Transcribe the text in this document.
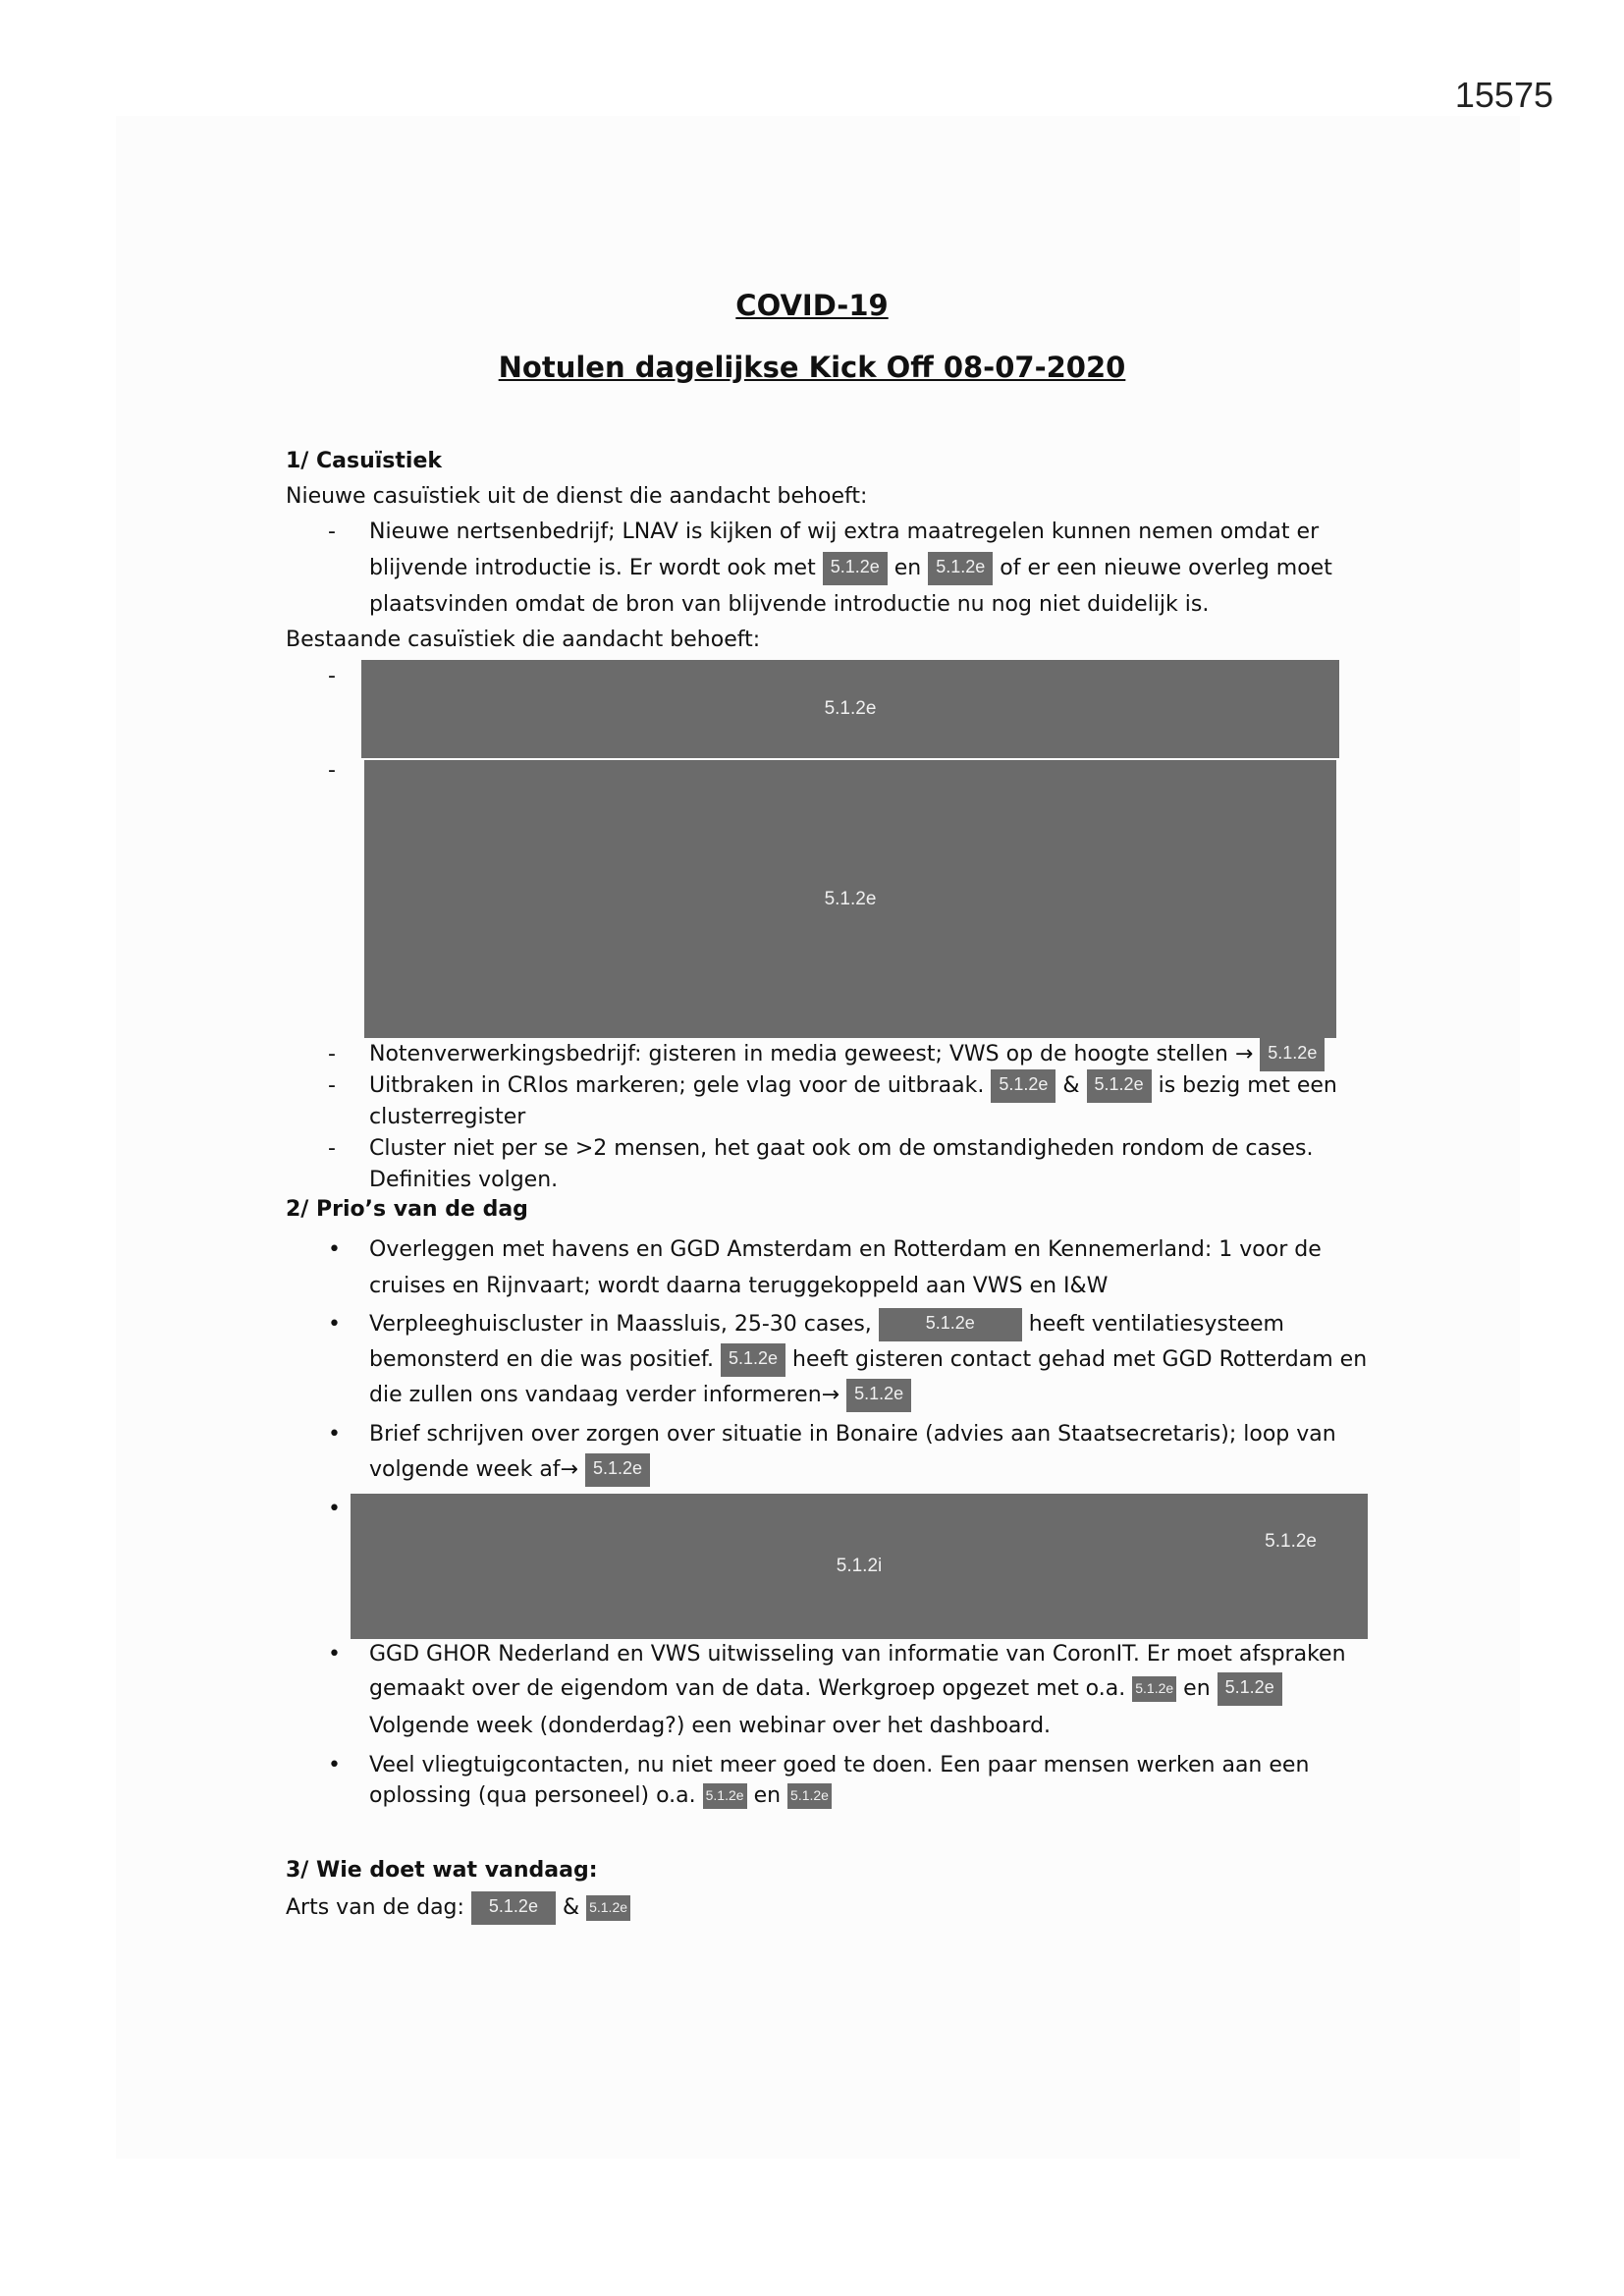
15575
COVID-19
Notulen dagelijkse Kick Off 08-07-2020
1/ Casuïstiek
Nieuwe casuïstiek uit de dienst die aandacht behoeft:
- Nieuwe nertsenbedrijf; LNAV is kijken of wij extra maatregelen kunnen nemen omdat er
blijvende introductie is. Er wordt ook met 5.1.2e en 5.1.2e of er een nieuwe overleg moet
plaatsvinden omdat de bron van blijvende introductie nu nog niet duidelijk is.
Bestaande casuïstiek die aandacht behoeft:
-
5.1.2e
-
5.1.2e
- Notenverwerkingsbedrijf: gisteren in media geweest; VWS op de hoogte stellen → 5.1.2e
- Uitbraken in CRIos markeren; gele vlag voor de uitbraak. 5.1.2e & 5.1.2e is bezig met een
clusterregister
- Cluster niet per se >2 mensen, het gaat ook om de omstandigheden rondom de cases.
Definities volgen.
2/ Prio’s van de dag
• Overleggen met havens en GGD Amsterdam en Rotterdam en Kennemerland: 1 voor de
cruises en Rijnvaart; wordt daarna teruggekoppeld aan VWS en I&W
• Verpleeghuiscluster in Maassluis, 25-30 cases,	5.1.2e heeft ventilatiesysteem
bemonsterd en die was positief. 5.1.2e heeft gisteren contact gehad met GGD Rotterdam en
die zullen ons vandaag verder informeren→ 5.1.2e
• Brief schrijven over zorgen over situatie in Bonaire (advies aan Staatsecretaris); loop van
volgende week af→ 5.1.2e
•
5.1.2i
5.1.2e
• GGD GHOR Nederland en VWS uitwisseling van informatie van CoronIT. Er moet afspraken
gemaakt over de eigendom van de data. Werkgroep opgezet met o.a. 5.1.2e en 5.1.2e
Volgende week (donderdag?) een webinar over het dashboard.
• Veel vliegtuigcontacten, nu niet meer goed te doen. Een paar mensen werken aan een
oplossing (qua personeel) o.a. 5.1.2e en 5.1.2e
3/ Wie doet wat vandaag:
Arts van de dag: 5.1.2e & 5.1.2e
